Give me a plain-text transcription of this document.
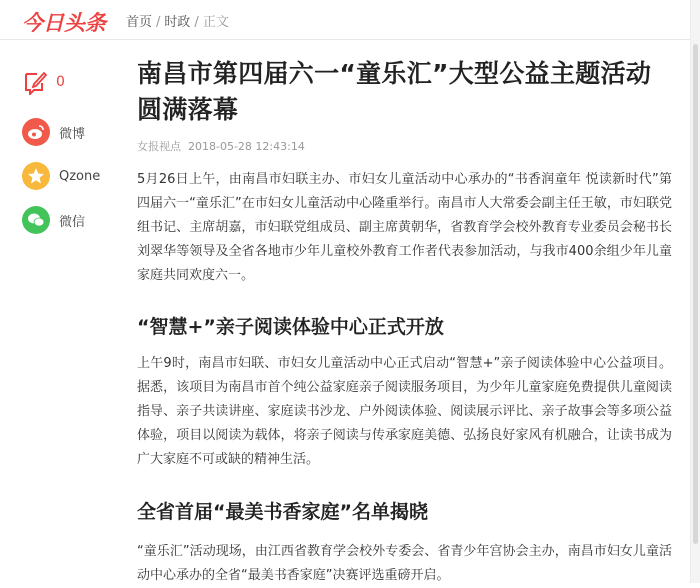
今日头条 首页 / 时政 / 正文
0
微博
Qzone
微信
南昌市第四届六一“童乐汇”大型公益主题活动圆满落幕
女报视点 2018-05-28 12:43:14

5月26日上午，由南昌市妇联主办、市妇女儿童活动中心承办的“书香润童年 悦读新时代”第四届六一“童乐汇”在市妇女儿童活动中心隆重举行。南昌市人大常委会副主任王敏，市妇联党组书记、主席胡嘉，市妇联党组成员、副主席黄朝华，省教育学会校外教育专业委员会秘书长刘翠华等领导及全省各地市少年儿童校外教育工作者代表参加活动，与我市400余组少年儿童家庭共同欢度六一。

“智慧+”亲子阅读体验中心正式开放

上午9时，南昌市妇联、市妇女儿童活动中心正式启动“智慧+”亲子阅读体验中心公益项目。据悉，该项目为南昌市首个纯公益家庭亲子阅读服务项目，为少年儿童家庭免费提供儿童阅读指导、亲子共读讲座、家庭读书沙龙、户外阅读体验、阅读展示评比、亲子故事会等多项公益体验，项目以阅读为载体，将亲子阅读与传承家庭美德、弘扬良好家风有机融合，让读书成为广大家庭不可或缺的精神生活。

全省首届“最美书香家庭”名单揭晓

“童乐汇”活动现场，由江西省教育学会校外专委会、省青少年宫协会主办，南昌市妇女儿童活动中心承办的全省“最美书香家庭”决赛评选重磅开启。
